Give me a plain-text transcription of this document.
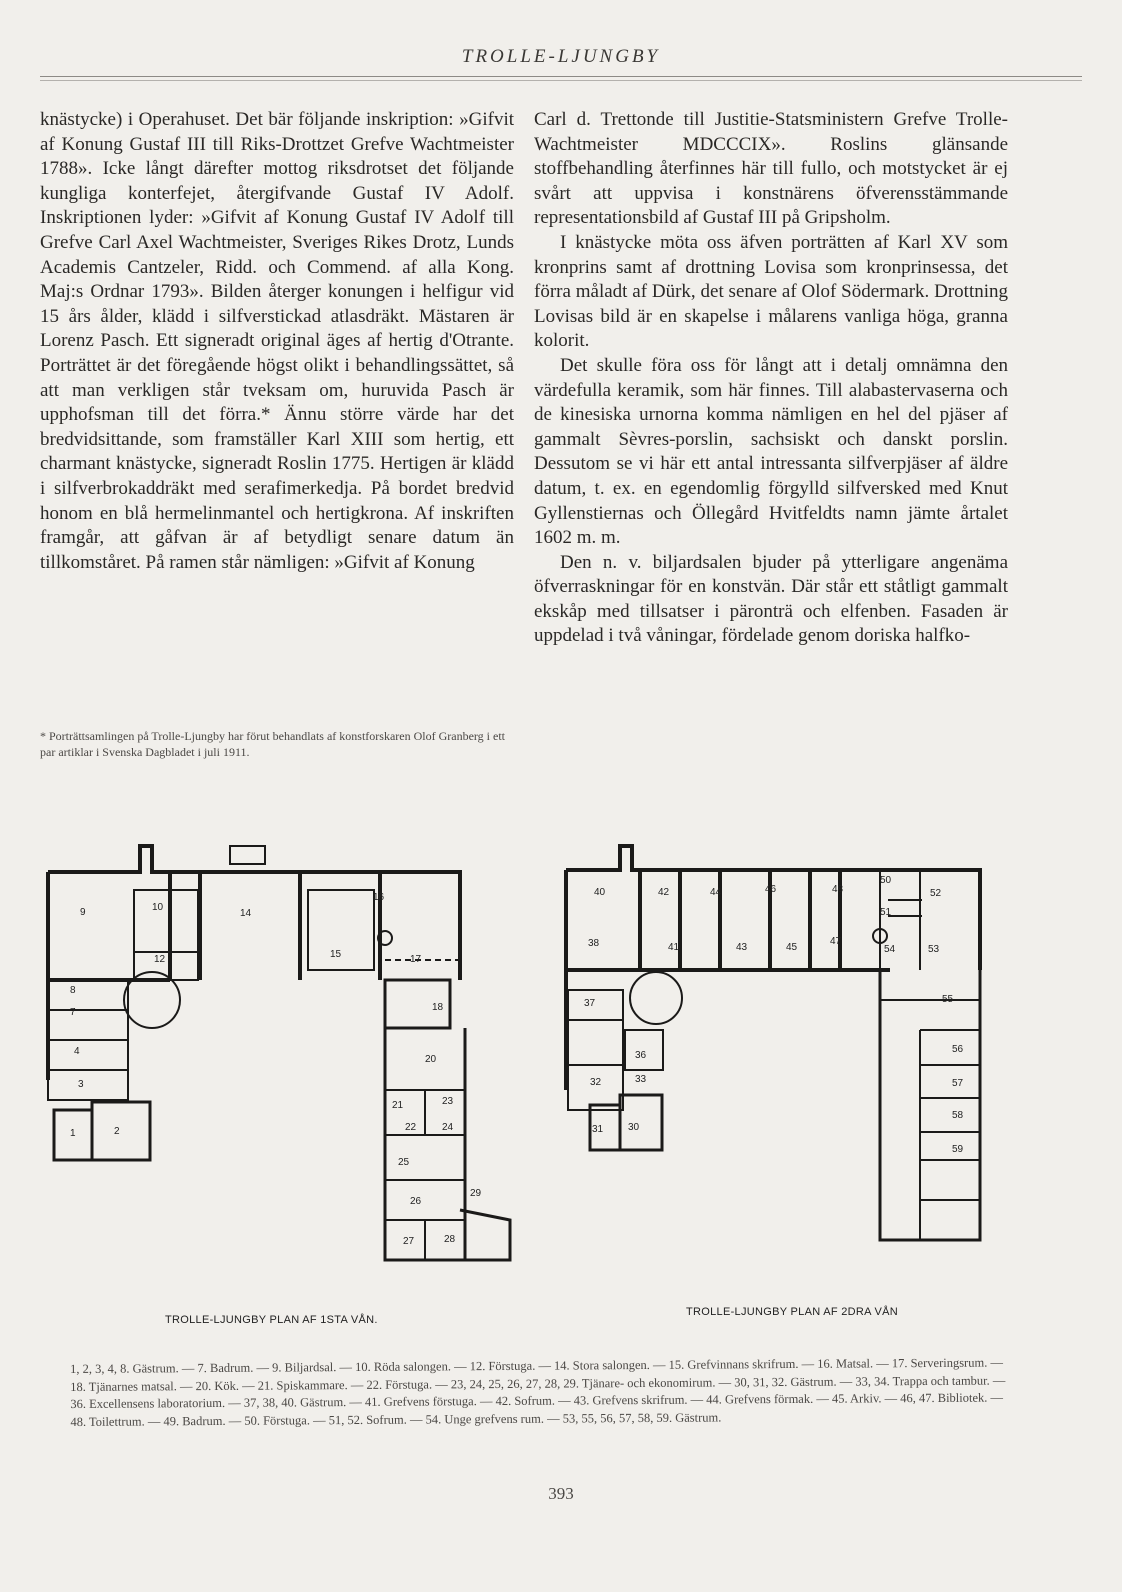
TROLLE-LJUNGBY

knästycke) i Operahuset. Det bär följande inskription: »Gifvit af Konung Gustaf III till Riks-Drottzet Grefve Wachtmeister 1788». Icke långt därefter mottog riksdrotset det följande kungliga konterfejet, återgifvande Gustaf IV Adolf. Inskriptionen lyder: »Gifvit af Konung Gustaf IV Adolf till Grefve Carl Axel Wachtmeister, Sveriges Rikes Drotz, Lunds Academis Cantzeler, Ridd. och Commend. af alla Kong. Maj:s Ordnar 1793». Bilden återger konungen i helfigur vid 15 års ålder, klädd i silfverstickad atlasdräkt. Mästaren är Lorenz Pasch. Ett signeradt original äges af hertig d'Otrante. Porträttet är det föregående högst olikt i behandlingssättet, så att man verkligen står tveksam om, huruvida Pasch är upphofsman till det förra.* Ännu större värde har det bredvidsittande, som framställer Karl XIII som hertig, ett charmant knästycke, signeradt Roslin 1775. Hertigen är klädd i silfverbrokaddräkt med serafimerkedja. På bordet bredvid honom en blå hermelinmantel och hertigkrona. Af inskriften framgår, att gåfvan är af betydligt senare datum än tillkomståret. På ramen står nämligen: »Gifvit af Konung

* Porträttsamlingen på Trolle-Ljungby har förut behandlats af konstforskaren Olof Granberg i ett par artiklar i Svenska Dagbladet i juli 1911.

Carl d. Trettonde till Justitie-Statsministern Grefve Trolle-Wachtmeister MDCCCIX». Roslins glänsande stoffbehandling återfinnes här till fullo, och motstycket är ej svårt att uppvisa i konstnärens öfverensstämmande representationsbild af Gustaf III på Gripsholm.

I knästycke möta oss äfven porträtten af Karl XV som kronprins samt af drottning Lovisa som kronprinsessa, det förra måladt af Dürk, det senare af Olof Södermark. Drottning Lovisas bild är en skapelse i målarens vanliga höga, granna kolorit.

Det skulle föra oss för långt att i detalj omnämna den värdefulla keramik, som här finnes. Till alabastervaserna och de kinesiska urnorna komma nämligen en hel del pjäser af gammalt Sèvres-porslin, sachsiskt och danskt porslin. Dessutom se vi här ett antal intressanta silfverpjäser af äldre datum, t. ex. en egendomlig förgylld silfversked med Knut Gyllenstiernas och Öllegård Hvitfeldts namn jämte årtalet 1602 m. m.

Den n. v. biljardsalen bjuder på ytterligare angenäma öfverraskningar för en konstvän. Där står ett ståtligt gammalt ekskåp med tillsatser i päronträ och elfenben. Fasaden är uppdelad i två våningar, fördelade genom doriska halfko-

9	10
14
16
12	15	17
18
20
21
22
23
24
25
26
27	28
29
8
7
4
3
1	2
TROLLE-LJUNGBY PLAN AF 1STA VÅN.
40	42	44	46	48
50
51
52
38	41	43	45
47
54	53
55
56
57
58
59
37
36
33
32
31 30
TROLLE-LJUNGBY PLAN AF 2DRA VÅN
1, 2, 3, 4, 8. Gästrum. — 7. Badrum. — 9. Biljardsal. — 10. Röda salongen. — 12. Förstuga. — 14. Stora salongen. — 15. Grefvinnans skrifrum. — 16. Matsal. — 17. Serveringsrum. — 18. Tjänarnes matsal. — 20. Kök. — 21. Spiskammare. — 22. Förstuga. — 23, 24, 25, 26, 27, 28, 29. Tjänare- och ekonomirum. — 30, 31, 32. Gästrum. — 33, 34. Trappa och tambur. — 36. Excellensens laboratorium. — 37, 38, 40. Gästrum. — 41. Grefvens förstuga. — 42. Sofrum. — 43. Grefvens skrifrum. — 44. Grefvens förmak. — 45. Arkiv. — 46, 47. Bibliotek. — 48. Toilettrum. — 49. Badrum. — 50. Förstuga. — 51, 52. Sofrum. — 54. Unge grefvens rum. — 53, 55, 56, 57, 58, 59. Gästrum.
393
